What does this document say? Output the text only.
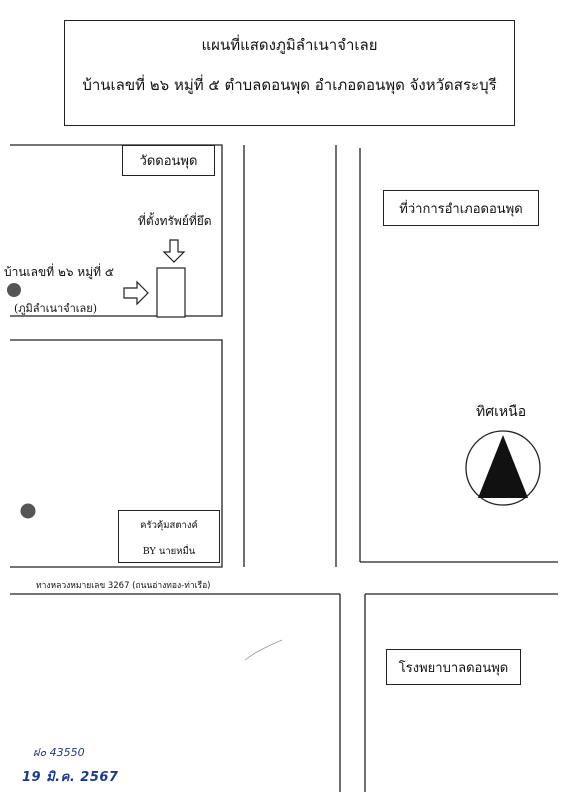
แผนที่แสดงภูมิลำเนาจำเลย
บ้านเลขที่ ๒๖ หมู่ที่ ๕ ตำบลดอนพุด อำเภอดอนพุด จังหวัดสระบุรี
วัดดอนพุด
ที่ว่าการอำเภอดอนพุด
โรงพยาบาลดอนพุด
ครัวคุ้มสตางค์
BY นายหมื่น
ที่ตั้งทรัพย์ที่ยึด
บ้านเลขที่ ๒๖ หมู่ที่ ๕
(ภูมิลำเนาจำเลย)
ทิศเหนือ
ทางหลวงหมายเลข 3267 (ถนนอ่างทอง-ท่าเรือ)
ฝ๐ 43550
19 มิ.ค. 2567
